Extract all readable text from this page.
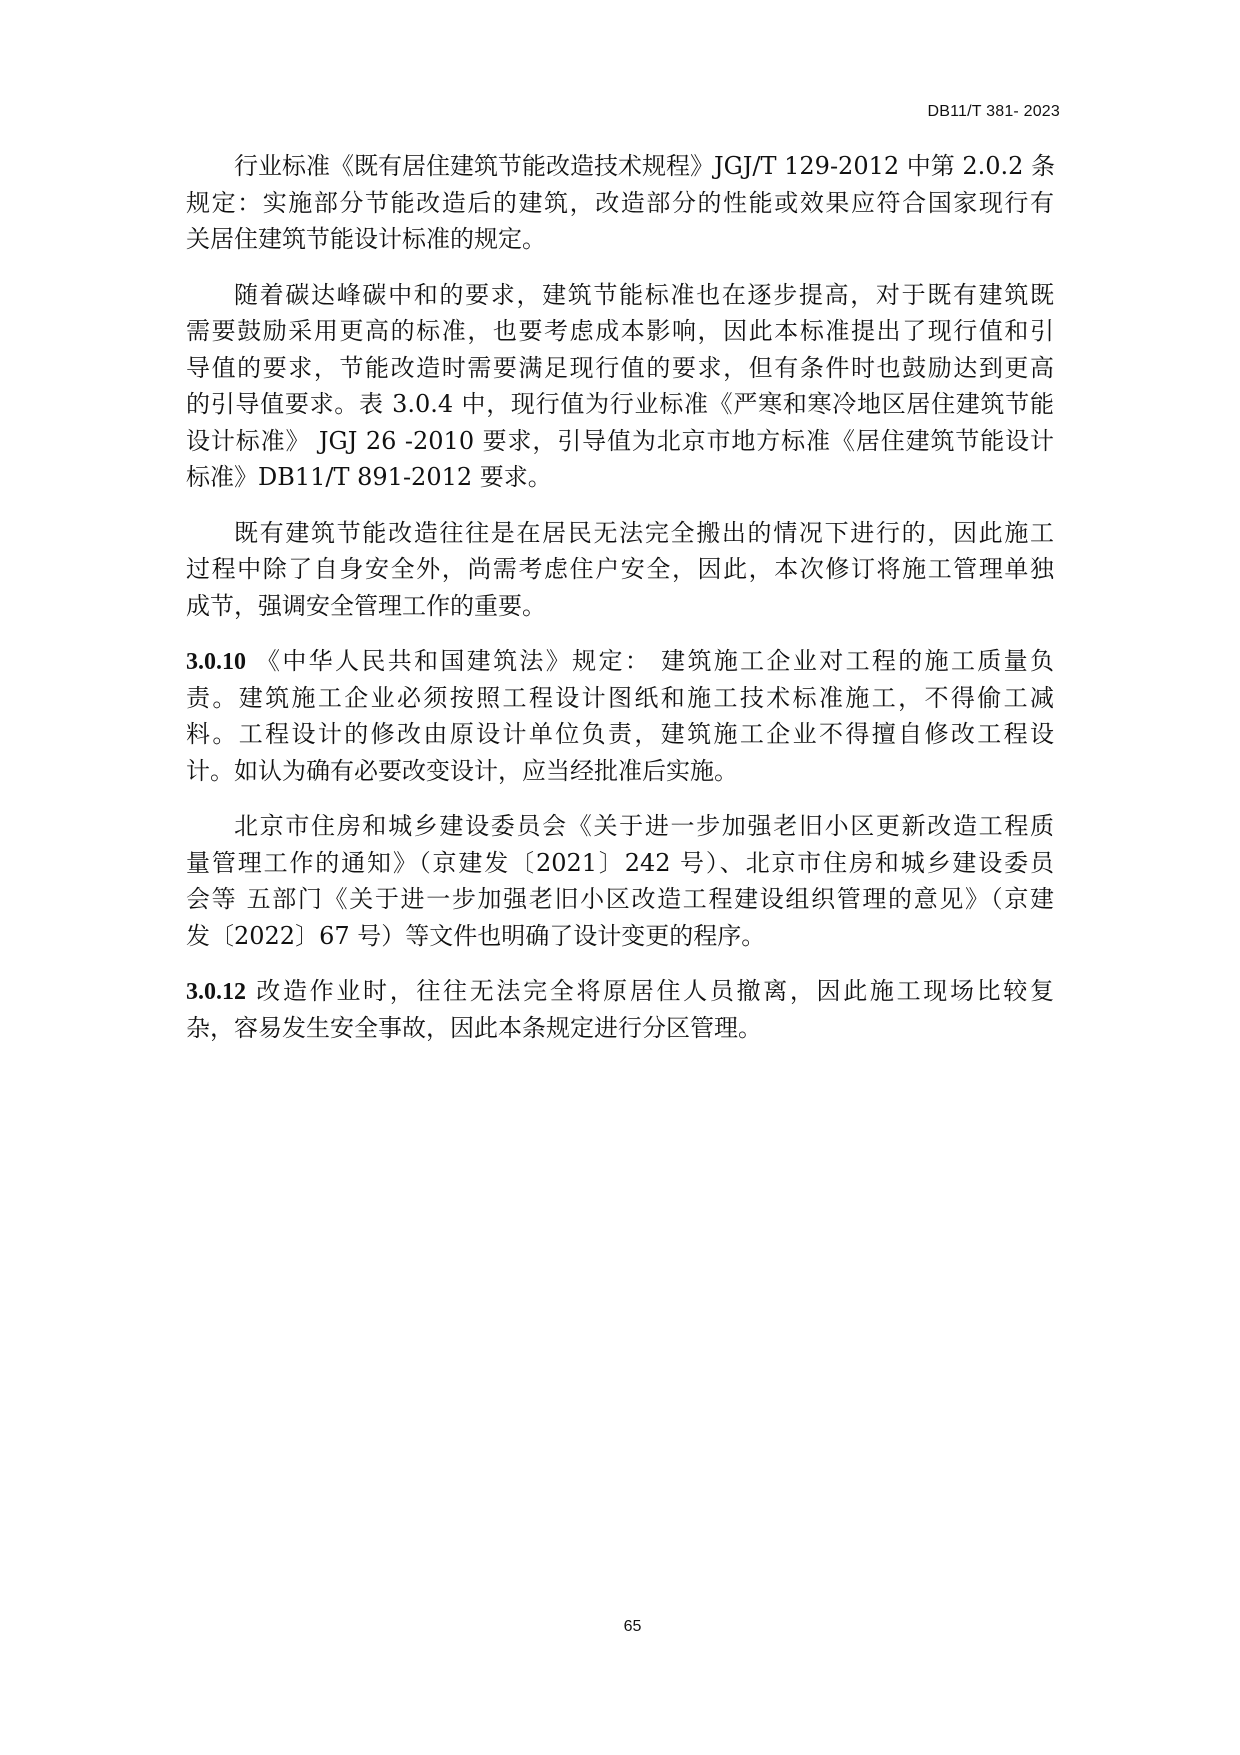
DB11/T 381- 2023
行业标准《既有居住建筑节能改造技术规程》JGJ/T 129-2012 中第 2.0.2 条
规定：实施部分节能改造后的建筑，改造部分的性能或效果应符合国家现行有
关居住建筑节能设计标准的规定。
随着碳达峰碳中和的要求，建筑节能标准也在逐步提高，对于既有建筑既
需要鼓励采用更高的标准，也要考虑成本影响，因此本标准提出了现行值和引
导值的要求，节能改造时需要满足现行值的要求，但有条件时也鼓励达到更高
的引导值要求。表 3.0.4 中，现行值为行业标准《严寒和寒冷地区居住建筑节能
设计标准》 JGJ 26 -2010 要求，引导值为北京市地方标准《居住建筑节能设计
标准》DB11/T 891-2012 要求。
既有建筑节能改造往往是在居民无法完全搬出的情况下进行的，因此施工
过程中除了自身安全外，尚需考虑住户安全，因此，本次修订将施工管理单独
成节，强调安全管理工作的重要。
3.0.10 《中华人民共和国建筑法》规定： 建筑施工企业对工程的施工质量负
责。建筑施工企业必须按照工程设计图纸和施工技术标准施工，不得偷工减
料。工程设计的修改由原设计单位负责，建筑施工企业不得擅自修改工程设
计。如认为确有必要改变设计，应当经批准后实施。
北京市住房和城乡建设委员会《关于进一步加强老旧小区更新改造工程质
量管理工作的通知》（京建发〔2021〕242 号）、北京市住房和城乡建设委员
会等 五部门《关于进一步加强老旧小区改造工程建设组织管理的意见》（京建
发〔2022〕67 号）等文件也明确了设计变更的程序。
3.0.12 改造作业时，往往无法完全将原居住人员撤离，因此施工现场比较复
杂，容易发生安全事故，因此本条规定进行分区管理。
65
